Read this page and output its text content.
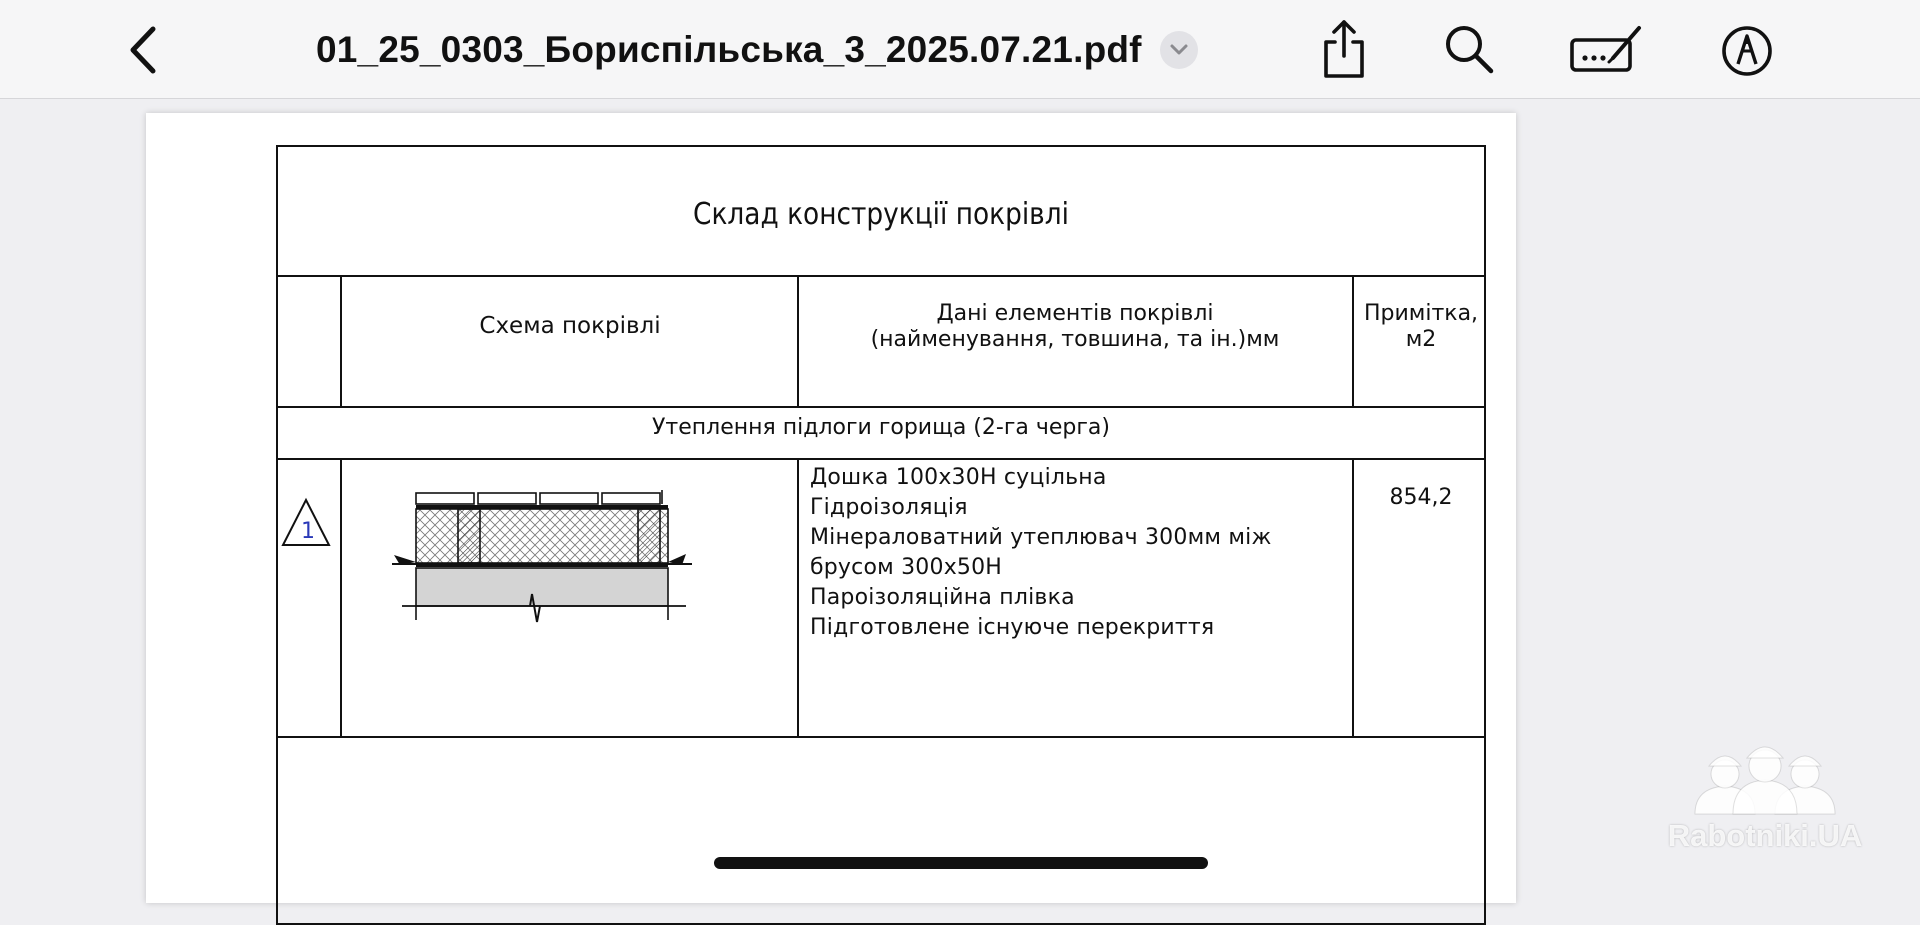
01_25_0303_Бориспільська_3_2025.07.21.pdf
Склад конструкції покрівлі
Схема покрівлі	Дані елементів покрівлі
(найменування, товшина, та ін.)мм
Примітка,
м2
Утеплення підлоги горища (2-га черга)
1
Дошка 100х30Н суцільна
Гідроізоляція
Мінераловатний утеплювач 300мм між
брусом 300х50Н
Пароізоляційна плівка
Підготовлене існуюче перекриття
854,2
Rabotniki.UA
